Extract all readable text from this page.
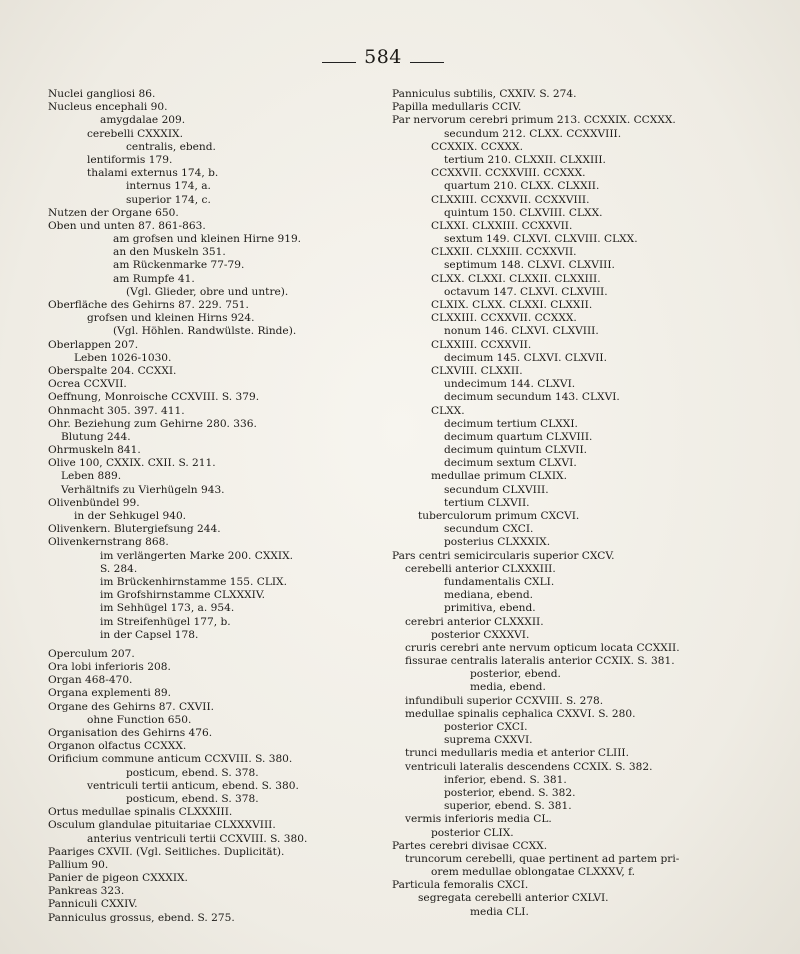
584
Nuclei gangliosi 86.
Nucleus encephali 90.
amygdalae 209.
cerebelli CXXXIX.
centralis, ebend.
lentiformis 179.
thalami externus 174, b.
internus 174, a.
superior 174, c.
Nutzen der Organe 650.
Oben und unten 87. 861-863.
am grofsen und kleinen Hirne 919.
an den Muskeln 351.
am Rückenmarke 77-79.
am Rumpfe 41.
(Vgl. Glieder, obre und untre).
Oberfläche des Gehirns 87. 229. 751.
grofsen und kleinen Hirns 924.
(Vgl. Höhlen. Randwülste. Rinde).
Oberlappen 207.
Leben 1026-1030.
Oberspalte 204. CCXXI.
Ocrea CCXVII.
Oeffnung, Monroische CCXVIII. S. 379.
Ohnmacht 305. 397. 411.
Ohr. Beziehung zum Gehirne 280. 336.
Blutung 244.
Ohrmuskeln 841.
Olive 100, CXXIX. CXII. S. 211.
Leben 889.
Verhältnifs zu Vierhügeln 943.
Olivenbündel 99.
in der Sehkugel 940.
Olivenkern. Blutergiefsung 244.
Olivenkernstrang 868.
im verlängerten Marke 200. CXXIX.
S. 284.
im Brückenhirnstamme 155. CLIX.
im Grofshirnstamme CLXXXIV.
im Sehhügel 173, a. 954.
im Streifenhügel 177, b.
in der Capsel 178.
Operculum 207.
Ora lobi inferioris 208.
Organ 468-470.
Organa explementi 89.
Organe des Gehirns 87. CXVII.
ohne Function 650.
Organisation des Gehirns 476.
Organon olfactus CCXXX.
Orificium commune anticum CCXVIII. S. 380.
posticum, ebend. S. 378.
ventriculi tertii anticum, ebend. S. 380.
posticum, ebend. S. 378.
Ortus medullae spinalis CLXXXIII.
Osculum glandulae pituitariae CLXXXVIII.
anterius ventriculi tertii CCXVIII. S. 380.
Paariges CXVII. (Vgl. Seitliches. Duplicität).
Pallium 90.
Panier de pigeon CXXXIX.
Pankreas 323.
Panniculi CXXIV.
Panniculus grossus, ebend. S. 275.
Panniculus subtilis, CXXIV. S. 274.
Papilla medullaris CCIV.
Par nervorum cerebri primum 213. CCXXIX. CCXXX.
secundum 212. CLXX. CCXXVIII.
CCXXIX. CCXXX.
tertium 210. CLXXII. CLXXIII.
CCXXVII. CCXXVIII. CCXXX.
quartum 210. CLXX. CLXXII.
CLXXIII. CCXXVII. CCXXVIII.
quintum 150. CLXVIII. CLXX.
CLXXI. CLXXIII. CCXXVII.
sextum 149. CLXVI. CLXVIII. CLXX.
CLXXII. CLXXIII. CCXXVII.
septimum 148. CLXVI. CLXVIII.
CLXX. CLXXI. CLXXII. CLXXIII.
octavum 147. CLXVI. CLXVIII.
CLXIX. CLXX. CLXXI. CLXXII.
CLXXIII. CCXXVII. CCXXX.
nonum 146. CLXVI. CLXVIII.
CLXXIII. CCXXVII.
decimum 145. CLXVI. CLXVII.
CLXVIII. CLXXII.
undecimum 144. CLXVI.
decimum secundum 143. CLXVI.
CLXX.
decimum tertium CLXXI.
decimum quartum CLXVIII.
decimum quintum CLXVII.
decimum sextum CLXVI.
medullae primum CLXIX.
secundum CLXVIII.
tertium CLXVII.
tuberculorum primum CXCVI.
secundum CXCI.
posterius CLXXXIX.
Pars centri semicircularis superior CXCV.
cerebelli anterior CLXXXIII.
fundamentalis CXLI.
mediana, ebend.
primitiva, ebend.
cerebri anterior CLXXXII.
posterior CXXXVI.
cruris cerebri ante nervum opticum locata CCXXII.
fissurae centralis lateralis anterior CCXIX. S. 381.
posterior, ebend.
media, ebend.
infundibuli superior CCXVIII. S. 278.
medullae spinalis cephalica CXXVI. S. 280.
posterior CXCI.
suprema CXXVI.
trunci medullaris media et anterior CLIII.
ventriculi lateralis descendens CCXIX. S. 382.
inferior, ebend. S. 381.
posterior, ebend. S. 382.
superior, ebend. S. 381.
vermis inferioris media CL.
posterior CLIX.
Partes cerebri divisae CCXX.
truncorum cerebelli, quae pertinent ad partem pri-
orem medullae oblongatae CLXXXV, f.
Particula femoralis CXCI.
segregata cerebelli anterior CXLVI.
media CLI.
